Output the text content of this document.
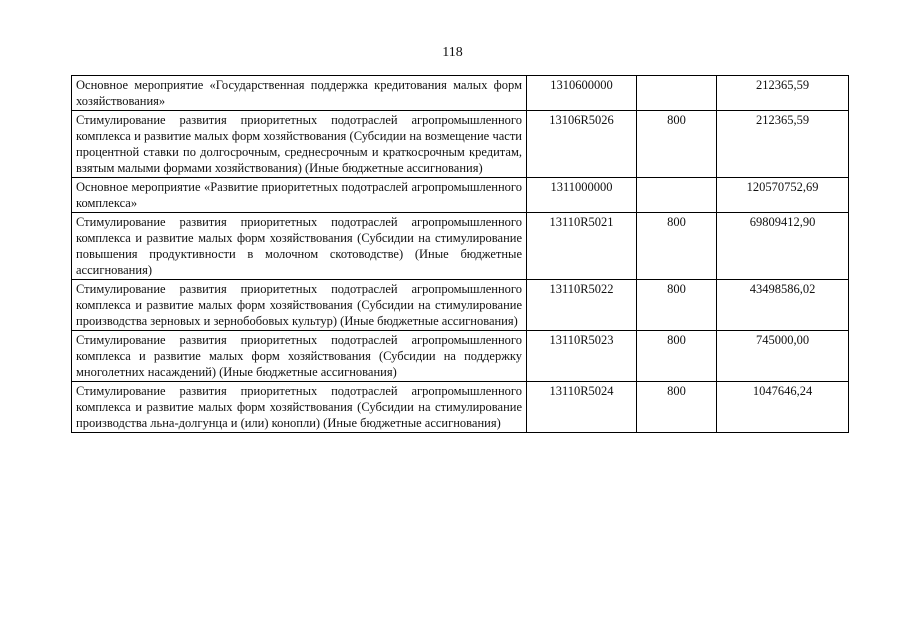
118
Основное мероприятие «Государственная поддержка кредитования малых форм хозяйствования»	1310600000		212365,59
Стимулирование развития приоритетных подотраслей агропромышленного комплекса и развитие малых форм хозяйствования (Субсидии на возмещение части процентной ставки по долгосрочным, среднесрочным и краткосрочным кредитам, взятым малыми формами хозяйствования) (Иные бюджетные ассигнования)	13106R5026	800	212365,59
Основное мероприятие «Развитие приоритетных подотраслей агропромышленного комплекса»	1311000000		120570752,69
Стимулирование развития приоритетных подотраслей агропромышленного комплекса и развитие малых форм хозяйствования (Субсидии на стимулирование повышения продуктивности в молочном скотоводстве) (Иные бюджетные ассигнования)	13110R5021	800	69809412,90
Стимулирование развития приоритетных подотраслей агропромышленного комплекса и развитие малых форм хозяйствования (Субсидии на стимулирование производства зерновых и зернобобовых культур) (Иные бюджетные ассигнования)	13110R5022	800	43498586,02
Стимулирование развития приоритетных подотраслей агропромышленного комплекса и развитие малых форм хозяйствования (Субсидии на поддержку многолетних насаждений) (Иные бюджетные ассигнования)	13110R5023	800	745000,00
Стимулирование развития приоритетных подотраслей агропромышленного комплекса и развитие малых форм хозяйствования (Субсидии на стимулирование производства льна-долгунца и (или) конопли) (Иные бюджетные ассигнования)	13110R5024	800	1047646,24
